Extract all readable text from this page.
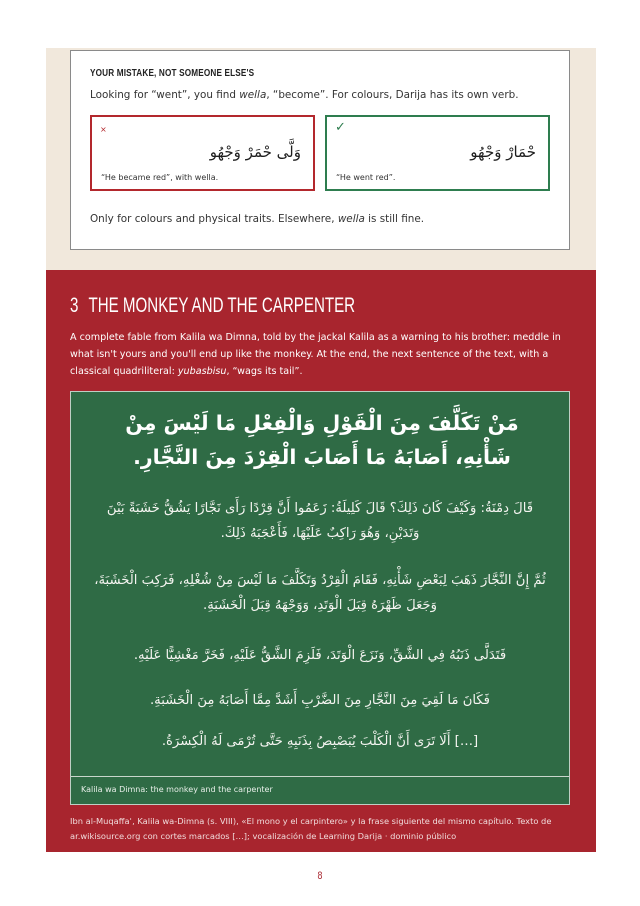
YOUR MISTAKE, NOT SOMEONE ELSE'S
Looking for “went”, you find wella, “become”. For colours, Darija has its own verb.
×
وَلَّى حْمَرْ وَجْهُو
“He became red”, with wella.
✓
حْمَارْ وَجْهُو
“He went red”.
Only for colours and physical traits. Elsewhere, wella is still fine.
3 THE MONKEY AND THE CARPENTER
A complete fable from Kalila wa Dimna, told by the jackal Kalila as a warning to his brother: meddle in what isn't yours and you'll end up like the monkey. At the end, the next sentence of the text, with a classical quadriliteral: yubasbisu, “wags its tail”.
مَنْ تَكَلَّفَ مِنَ الْقَوْلِ وَالْفِعْلِ مَا لَيْسَ مِنْ شَأْنِهِ، أَصَابَهُ مَا أَصَابَ الْقِرْدَ مِنَ النَّجَّارِ.
قَالَ دِمْنَةُ: وَكَيْفَ كَانَ ذَلِكَ؟ قَالَ كَلِيلَةُ: زَعَمُوا أَنَّ قِرْدًا رَأَى نَجَّارًا يَشُقُّ خَشَبَةً بَيْنَ وَتَدَيْنِ، وَهُوَ رَاكِبٌ عَلَيْهَا، فَأَعْجَبَهُ ذَلِكَ.
ثُمَّ إِنَّ النَّجَّارَ ذَهَبَ لِبَعْضِ شَأْنِهِ، فَقَامَ الْقِرْدُ وَتَكَلَّفَ مَا لَيْسَ مِنْ شُغْلِهِ، فَرَكِبَ الْخَشَبَةَ، وَجَعَلَ ظَهْرَهُ قِبَلَ الْوَتَدِ، وَوَجْهَهُ قِبَلَ الْخَشَبَةِ.
فَتَدَلَّى ذَنَبُهُ فِي الشَّقِّ، وَنَزَعَ الْوَتَدَ، فَلَزِمَ الشَّقُّ عَلَيْهِ، فَخَرَّ مَغْشِيًّا عَلَيْهِ.
فَكَانَ مَا لَقِيَ مِنَ النَّجَّارِ مِنَ الضَّرْبِ أَشَدَّ مِمَّا أَصَابَهُ مِنَ الْخَشَبَةِ.
[…] أَلَا تَرَى أَنَّ الْكَلْبَ يُبَصْبِصُ بِذَنَبِهِ حَتَّى تُرْمَى لَهُ الْكِسْرَةُ.
Kalila wa Dimna: the monkey and the carpenter
Ibn al-Muqaffaʿ, Kalila wa-Dimna (s. VIII), «El mono y el carpintero» y la frase siguiente del mismo capítulo. Texto de ar.wikisource.org con cortes marcados […]; vocalización de Learning Darija · dominio público
8
